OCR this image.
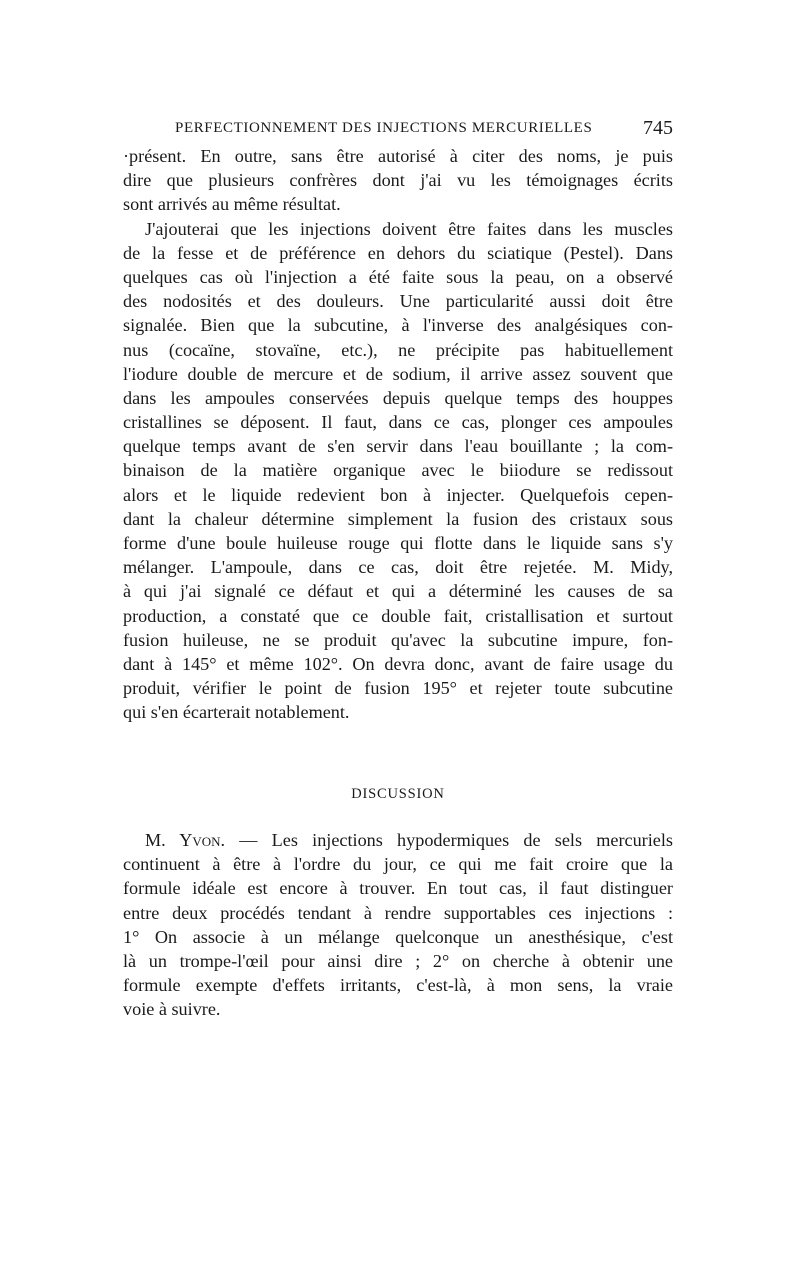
PERFECTIONNEMENT DES INJECTIONS MERCURIELLES	745
·présent. En outre, sans être autorisé à citer des noms, je puis
dire que plusieurs confrères dont j'ai vu les témoignages écrits
sont arrivés au même résultat.
J'ajouterai que les injections doivent être faites dans les muscles
de la fesse et de préférence en dehors du sciatique (Pestel). Dans
quelques cas où l'injection a été faite sous la peau, on a observé
des nodosités et des douleurs. Une particularité aussi doit être
signalée. Bien que la subcutine, à l'inverse des analgésiques con-
nus (cocaïne, stovaïne, etc.), ne précipite pas habituellement
l'iodure double de mercure et de sodium, il arrive assez souvent que
dans les ampoules conservées depuis quelque temps des houppes
cristallines se déposent. Il faut, dans ce cas, plonger ces ampoules
quelque temps avant de s'en servir dans l'eau bouillante ; la com-
binaison de la matière organique avec le biiodure se redissout
alors et le liquide redevient bon à injecter. Quelquefois cepen-
dant la chaleur détermine simplement la fusion des cristaux sous
forme d'une boule huileuse rouge qui flotte dans le liquide sans s'y
mélanger. L'ampoule, dans ce cas, doit être rejetée. M. Midy,
à qui j'ai signalé ce défaut et qui a déterminé les causes de sa
production, a constaté que ce double fait, cristallisation et surtout
fusion huileuse, ne se produit qu'avec la subcutine impure, fon-
dant à 145° et même 102°. On devra donc, avant de faire usage du
produit, vérifier le point de fusion 195° et rejeter toute subcutine
qui s'en écarterait notablement.
DISCUSSION
M. Yvon. — Les injections hypodermiques de sels mercuriels
continuent à être à l'ordre du jour, ce qui me fait croire que la
formule idéale est encore à trouver. En tout cas, il faut distinguer
entre deux procédés tendant à rendre supportables ces injections :
1° On associe à un mélange quelconque un anesthésique, c'est
là un trompe-l'œil pour ainsi dire ; 2° on cherche à obtenir une
formule exempte d'effets irritants, c'est-là, à mon sens, la vraie
voie à suivre.
